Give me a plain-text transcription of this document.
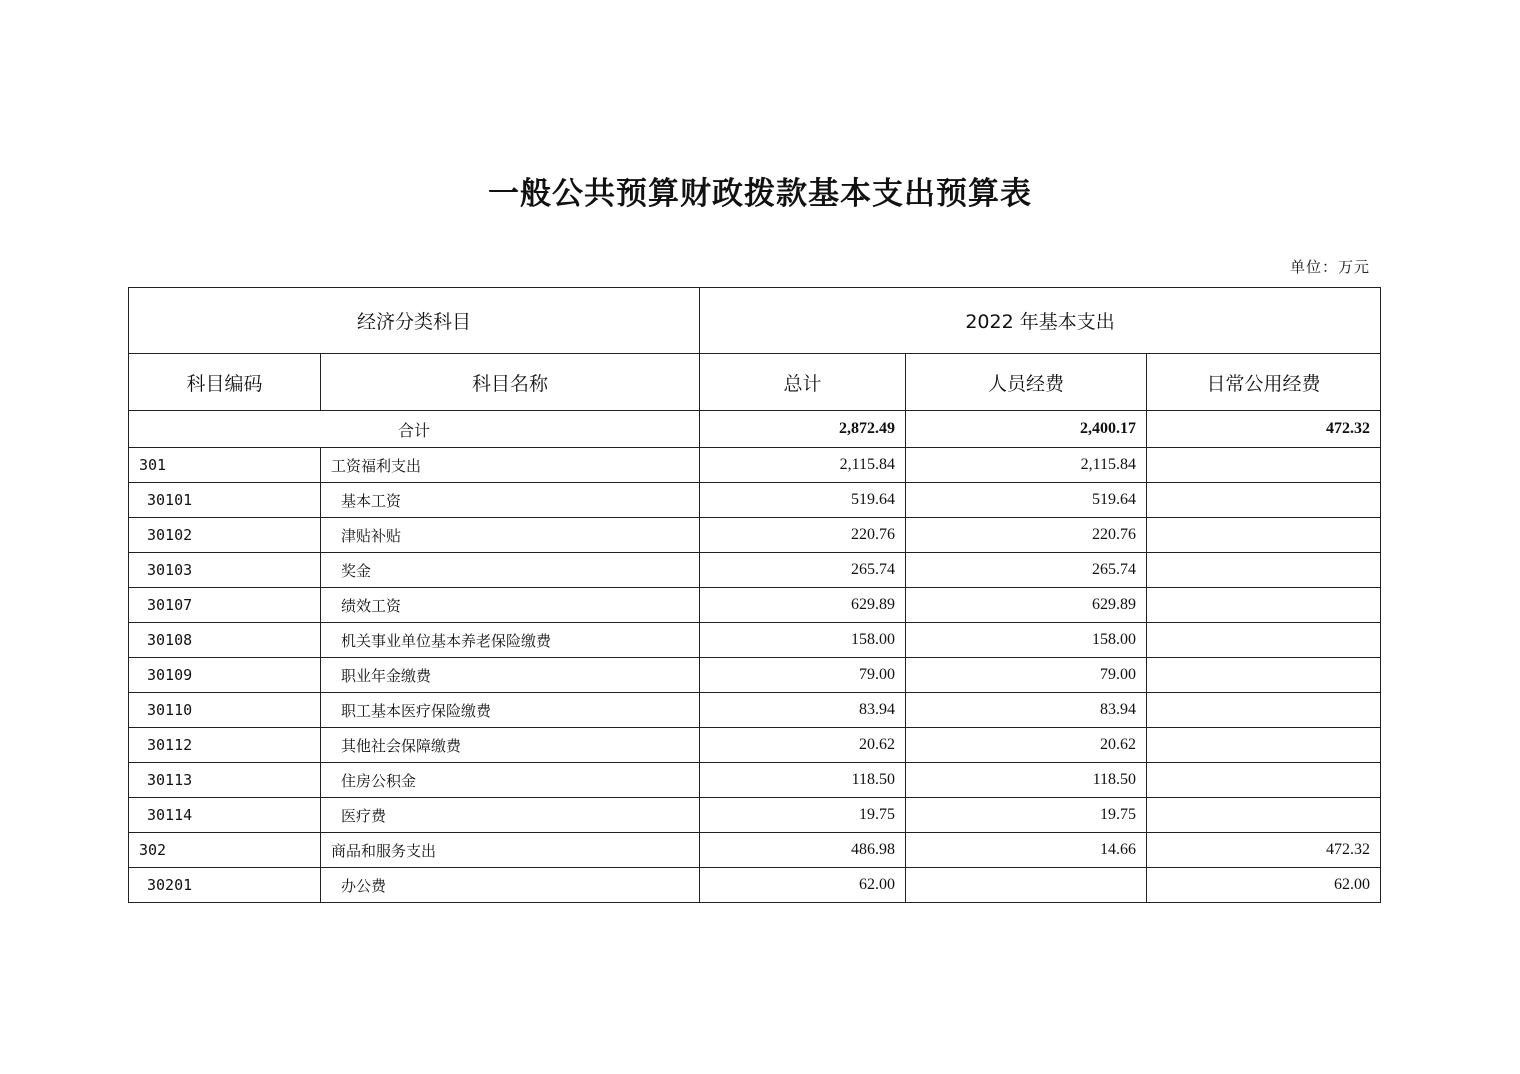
一般公共预算财政拨款基本支出预算表
单位：万元
经济分类科目		2022 年基本支出		
科目编码	科目名称	总计	人员经费	日常公用经费
合计		2,872.49	2,400.17	472.32
301	工资福利支出	2,115.84	2,115.84	
30101	基本工资	519.64	519.64	
30102	津贴补贴	220.76	220.76	
30103	奖金	265.74	265.74	
30107	绩效工资	629.89	629.89	
30108	机关事业单位基本养老保险缴费	158.00	158.00	
30109	职业年金缴费	79.00	79.00	
30110	职工基本医疗保险缴费	83.94	83.94	
30112	其他社会保障缴费	20.62	20.62	
30113	住房公积金	118.50	118.50	
30114	医疗费	19.75	19.75	
302	商品和服务支出	486.98	14.66	472.32
30201	办公费	62.00		62.00
